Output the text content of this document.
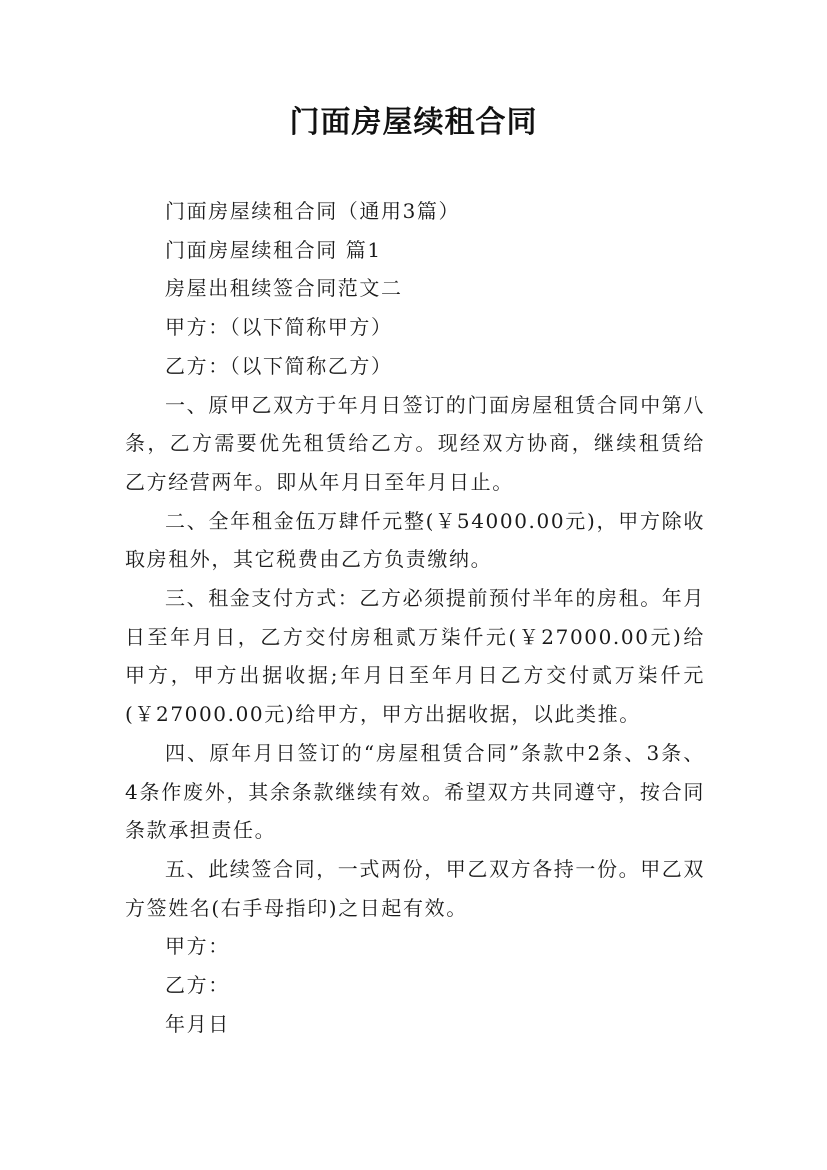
门面房屋续租合同

门面房屋续租合同（通用3篇）

门面房屋续租合同 篇1

房屋出租续签合同范文二

甲方：（以下简称甲方）

乙方：（以下简称乙方）

一、原甲乙双方于年月日签订的门面房屋租赁合同中第八条，乙方需要优先租赁给乙方。现经双方协商，继续租赁给乙方经营两年。即从年月日至年月日止。

二、全年租金伍万肆仟元整(￥54000.00元)，甲方除收取房租外，其它税费由乙方负责缴纳。

三、租金支付方式：乙方必须提前预付半年的房租。年月日至年月日，乙方交付房租贰万柒仟元(￥27000.00元)给甲方，甲方出据收据;年月日至年月日乙方交付贰万柒仟元(￥27000.00元)给甲方，甲方出据收据，以此类推。

四、原年月日签订的“房屋租赁合同”条款中2条、3条、4条作废外，其余条款继续有效。希望双方共同遵守，按合同条款承担责任。

五、此续签合同，一式两份，甲乙双方各持一份。甲乙双方签姓名(右手母指印)之日起有效。

甲方：

乙方：

年月日
